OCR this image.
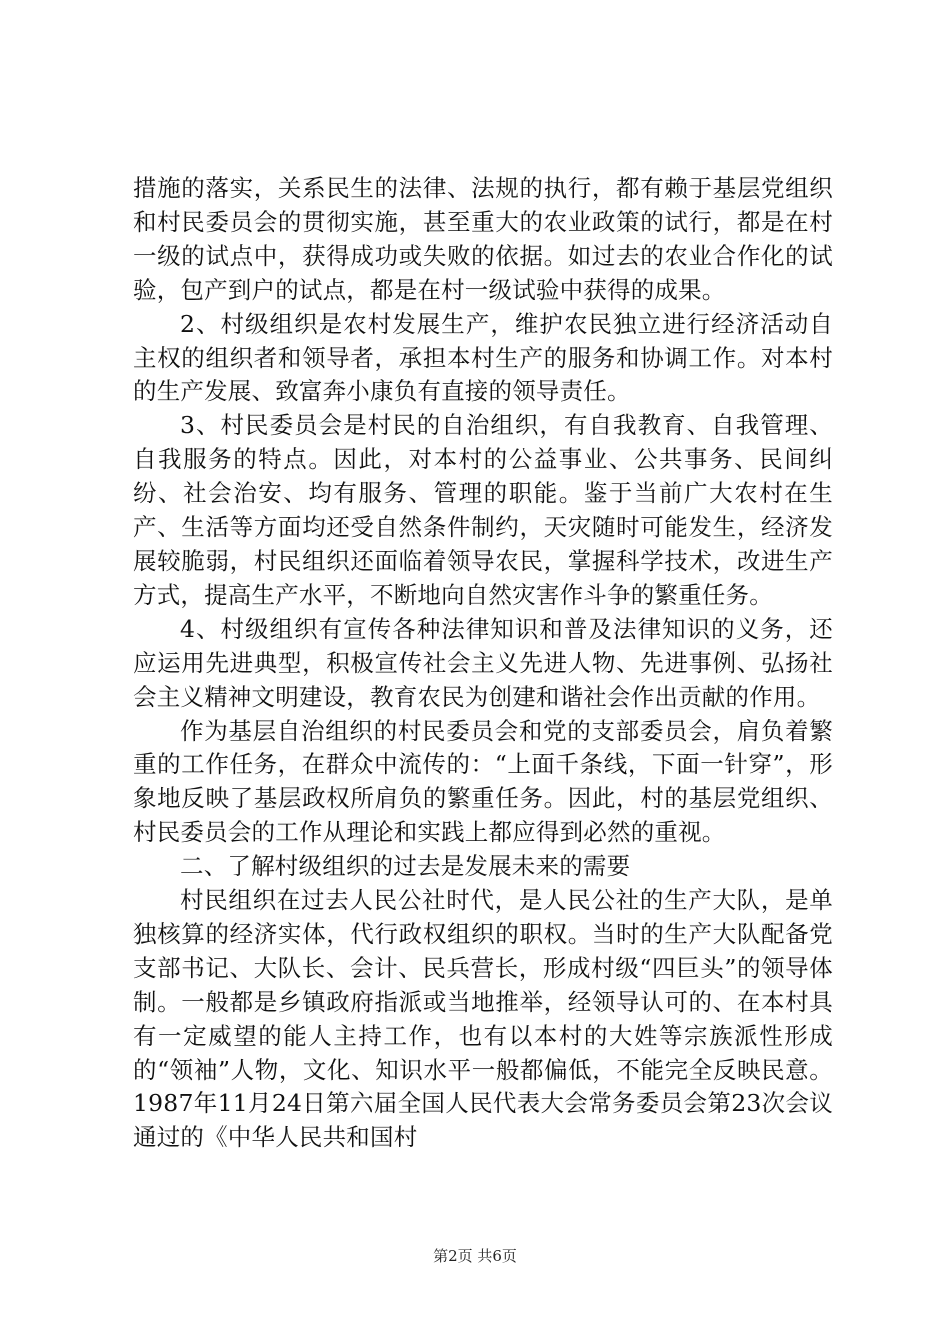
措施的落实，关系民生的法律、法规的执行，都有赖于基层党组织和村民委员会的贯彻实施，甚至重大的农业政策的试行，都是在村一级的试点中，获得成功或失败的依据。如过去的农业合作化的试验，包产到户的试点，都是在村一级试验中获得的成果。

2、村级组织是农村发展生产，维护农民独立进行经济活动自主权的组织者和领导者，承担本村生产的服务和协调工作。对本村的生产发展、致富奔小康负有直接的领导责任。

3、村民委员会是村民的自治组织，有自我教育、自我管理、自我服务的特点。因此，对本村的公益事业、公共事务、民间纠纷、社会治安、均有服务、管理的职能。鉴于当前广大农村在生产、生活等方面均还受自然条件制约，天灾随时可能发生，经济发展较脆弱，村民组织还面临着领导农民，掌握科学技术，改进生产方式，提高生产水平，不断地向自然灾害作斗争的繁重任务。

4、村级组织有宣传各种法律知识和普及法律知识的义务，还应运用先进典型，积极宣传社会主义先进人物、先进事例、弘扬社会主义精神文明建设，教育农民为创建和谐社会作出贡献的作用。

作为基层自治组织的村民委员会和党的支部委员会，肩负着繁重的工作任务，在群众中流传的：“上面千条线，下面一针穿”，形象地反映了基层政权所肩负的繁重任务。因此，村的基层党组织、村民委员会的工作从理论和实践上都应得到必然的重视。

二、了解村级组织的过去是发展未来的需要

村民组织在过去人民公社时代，是人民公社的生产大队，是单独核算的经济实体，代行政权组织的职权。当时的生产大队配备党支部书记、大队长、会计、民兵营长，形成村级“四巨头”的领导体制。一般都是乡镇政府指派或当地推举，经领导认可的、在本村具有一定威望的能人主持工作，也有以本村的大姓等宗族派性形成的“领袖”人物，文化、知识水平一般都偏低，不能完全反映民意。1987年11月24日第六届全国人民代表大会常务委员会第23次会议通过的《中华人民共和国村

第2页 共6页
